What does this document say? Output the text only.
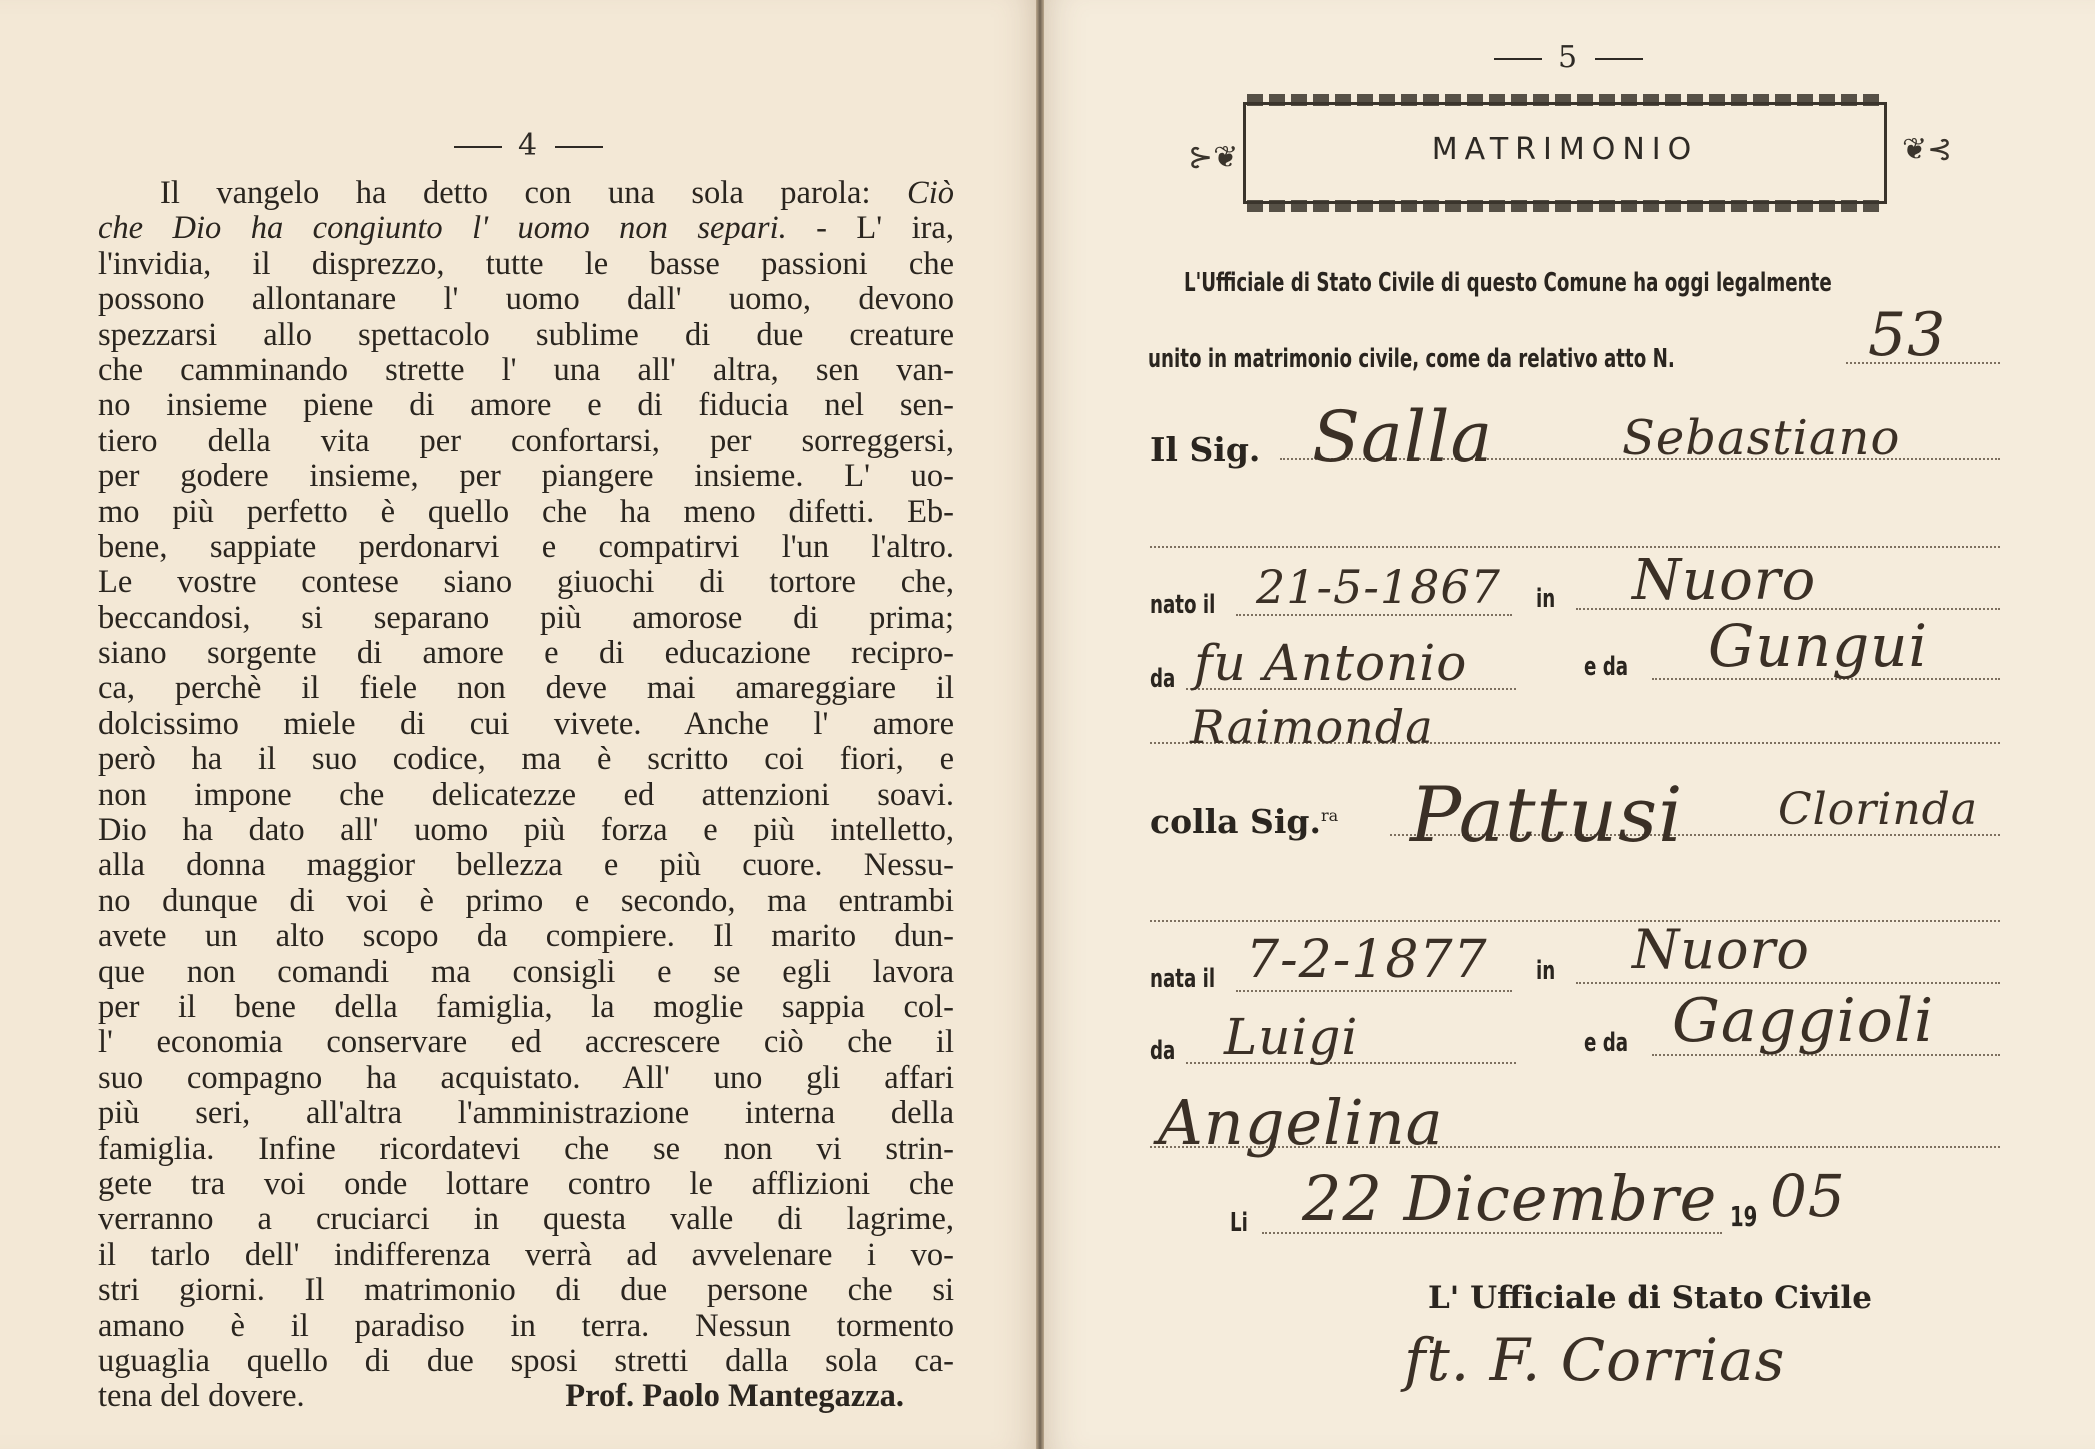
4
Il vangelo ha detto con una sola parola: Ciò
che Dio ha congiunto l' uomo non separi. - L' ira,
l'invidia, il disprezzo, tutte le basse passioni che
possono allontanare l' uomo dall' uomo, devono
spezzarsi allo spettacolo sublime di due creature
che camminando strette l' una all' altra, sen van-
no insieme piene di amore e di fiducia nel sen-
tiero della vita per confortarsi, per sorreggersi,
per godere insieme, per piangere insieme. L' uo-
mo più perfetto è quello che ha meno difetti. Eb-
bene, sappiate perdonarvi e compatirvi l'un l'altro.
Le vostre contese siano giuochi di tortore che,
beccandosi, si separano più amorose di prima;
siano sorgente di amore e di educazione recipro-
ca, perchè il fiele non deve mai amareggiare il
dolcissimo miele di cui vivete. Anche l' amore
però ha il suo codice, ma è scritto coi fiori, e
non impone che delicatezze ed attenzioni soavi.
Dio ha dato all' uomo più forza e più intelletto,
alla donna maggior bellezza e più cuore. Nessu-
no dunque di voi è primo e secondo, ma entrambi
avete un alto scopo da compiere. Il marito dun-
que non comandi ma consigli e se egli lavora
per il bene della famiglia, la moglie sappia col-
l' economia conservare ed accrescere ciò che il
suo compagno ha acquistato. All' uno gli affari
più seri, all'altra l'amministrazione interna della
famiglia. Infine ricordatevi che se non vi strin-
gete tra voi onde lottare contro le afflizioni che
verranno a cruciarci in questa valle di lagrime,
il tarlo dell' indifferenza verrà ad avvelenare i vo-
stri giorni. Il matrimonio di due persone che si
amano è il paradiso in terra. Nessun tormento
uguaglia quello di due sposi stretti dalla sola ca-
tena del dovere.	Prof. Paolo Mantegazza.
5
MATRIMONIO
⊱❦	❦⊰
L'Ufficiale di Stato Civile di questo Comune ha oggi legalmente
unito in matrimonio civile, come da relativo atto N.	53
Il Sig. Salla	Sebastiano
nato il 21-5-1867 in Nuoro
da fu Antonio	e da Gungui
Raimonda
colla Sig.$^{ra}$ Pattusi Clorinda
nata il 7-2-1877 in Nuoro
da Luigi	e da Gaggioli
Angelina
Li 22 Dicembre 19 05
L' Ufficiale di Stato Civile
ft. F. Corrias
